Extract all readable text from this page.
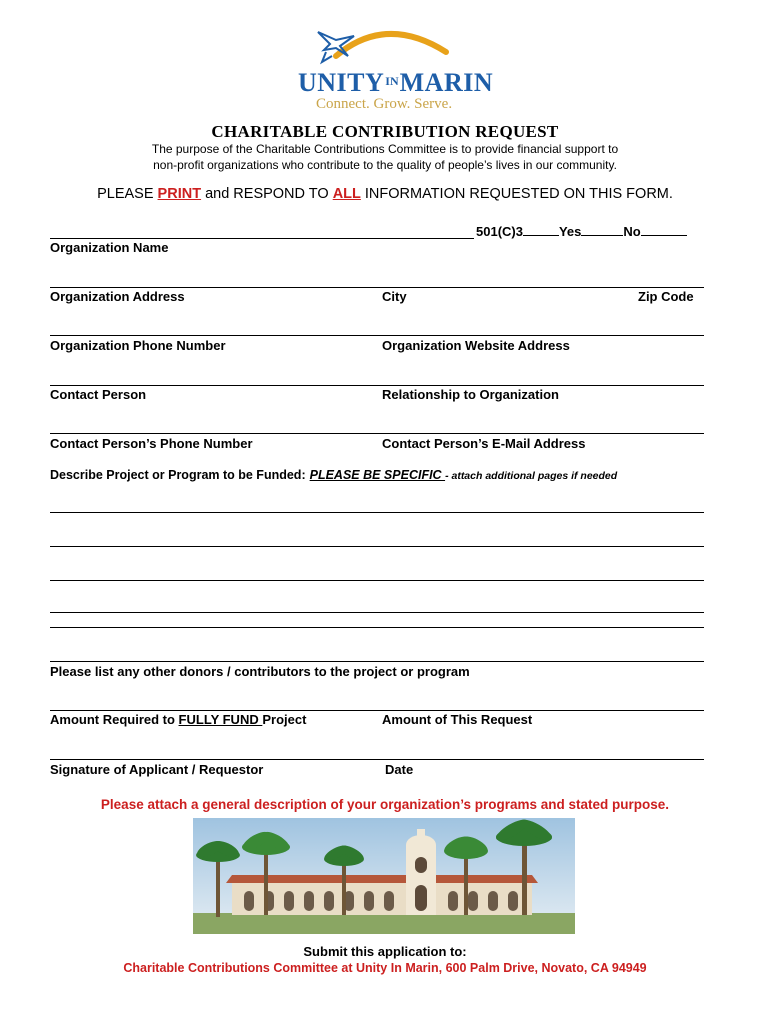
$UNITY^{IN}MARIN$
Connect. Grow. Serve.
CHARITABLE CONTRIBUTION REQUEST
The purpose of the Charitable Contributions Committee is to provide financial support to
non-profit organizations who contribute to the quality of people’s lives in our community.
PLEASE PRINT and RESPOND TO ALL INFORMATION REQUESTED ON THIS FORM.
501(C)3	Yes	No
Organization Name
Organization Address	City	Zip Code
Organization Phone Number	Organization Website Address
Contact Person	Relationship to Organization
Contact Person’s Phone Number	Contact Person’s E-Mail Address
Describe Project or Program to be Funded: PLEASE BE SPECIFIC - attach additional pages if needed
Please list any other donors / contributors to the project or program
Amount Required to FULLY FUND Project	Amount of This Request
Signature of Applicant / Requestor	Date
Please attach a general description of your organization’s programs and stated purpose.
Submit this application to:
Charitable Contributions Committee at Unity In Marin, 600 Palm Drive, Novato, CA 94949
